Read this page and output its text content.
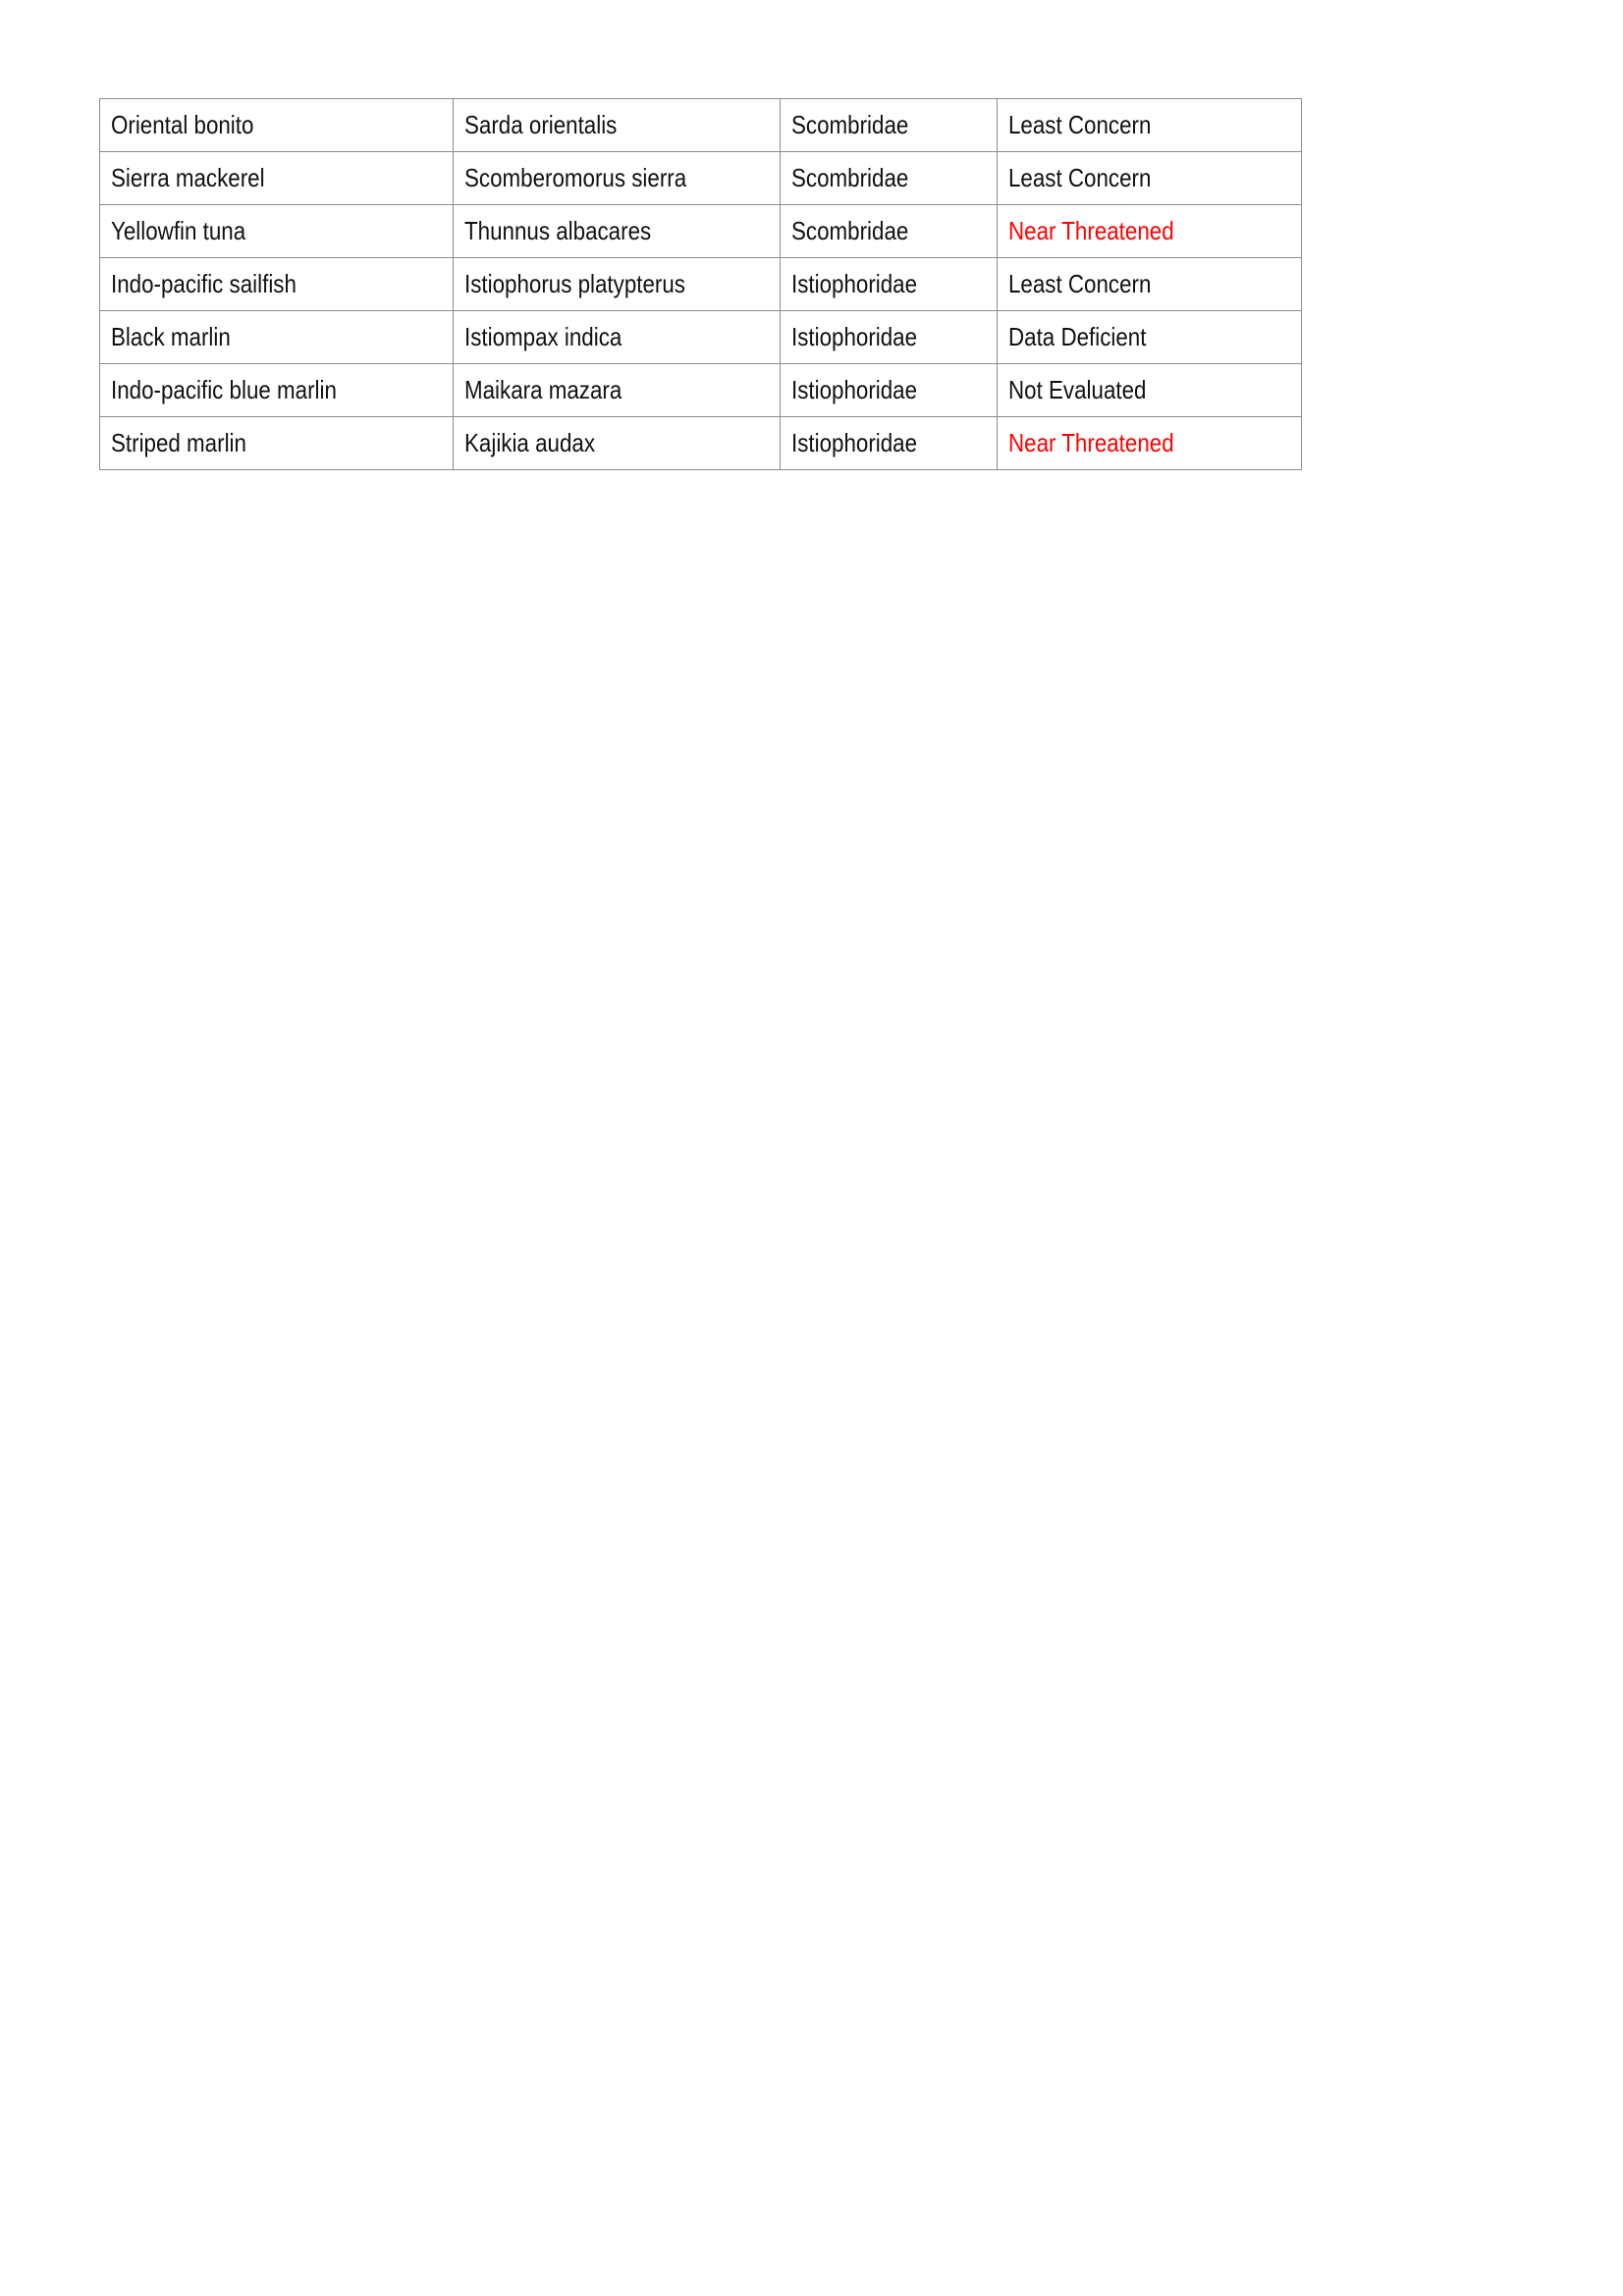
Oriental bonito	Sarda orientalis	Scombridae	Least Concern
Sierra mackerel	Scomberomorus sierra	Scombridae	Least Concern
Yellowfin tuna	Thunnus albacares	Scombridae	Near Threatened
Indo-pacific sailfish	Istiophorus platypterus	Istiophoridae	Least Concern
Black marlin	Istiompax indica	Istiophoridae	Data Deficient
Indo-pacific blue marlin	Maikara mazara	Istiophoridae	Not Evaluated
Striped marlin	Kajikia audax	Istiophoridae	Near Threatened
